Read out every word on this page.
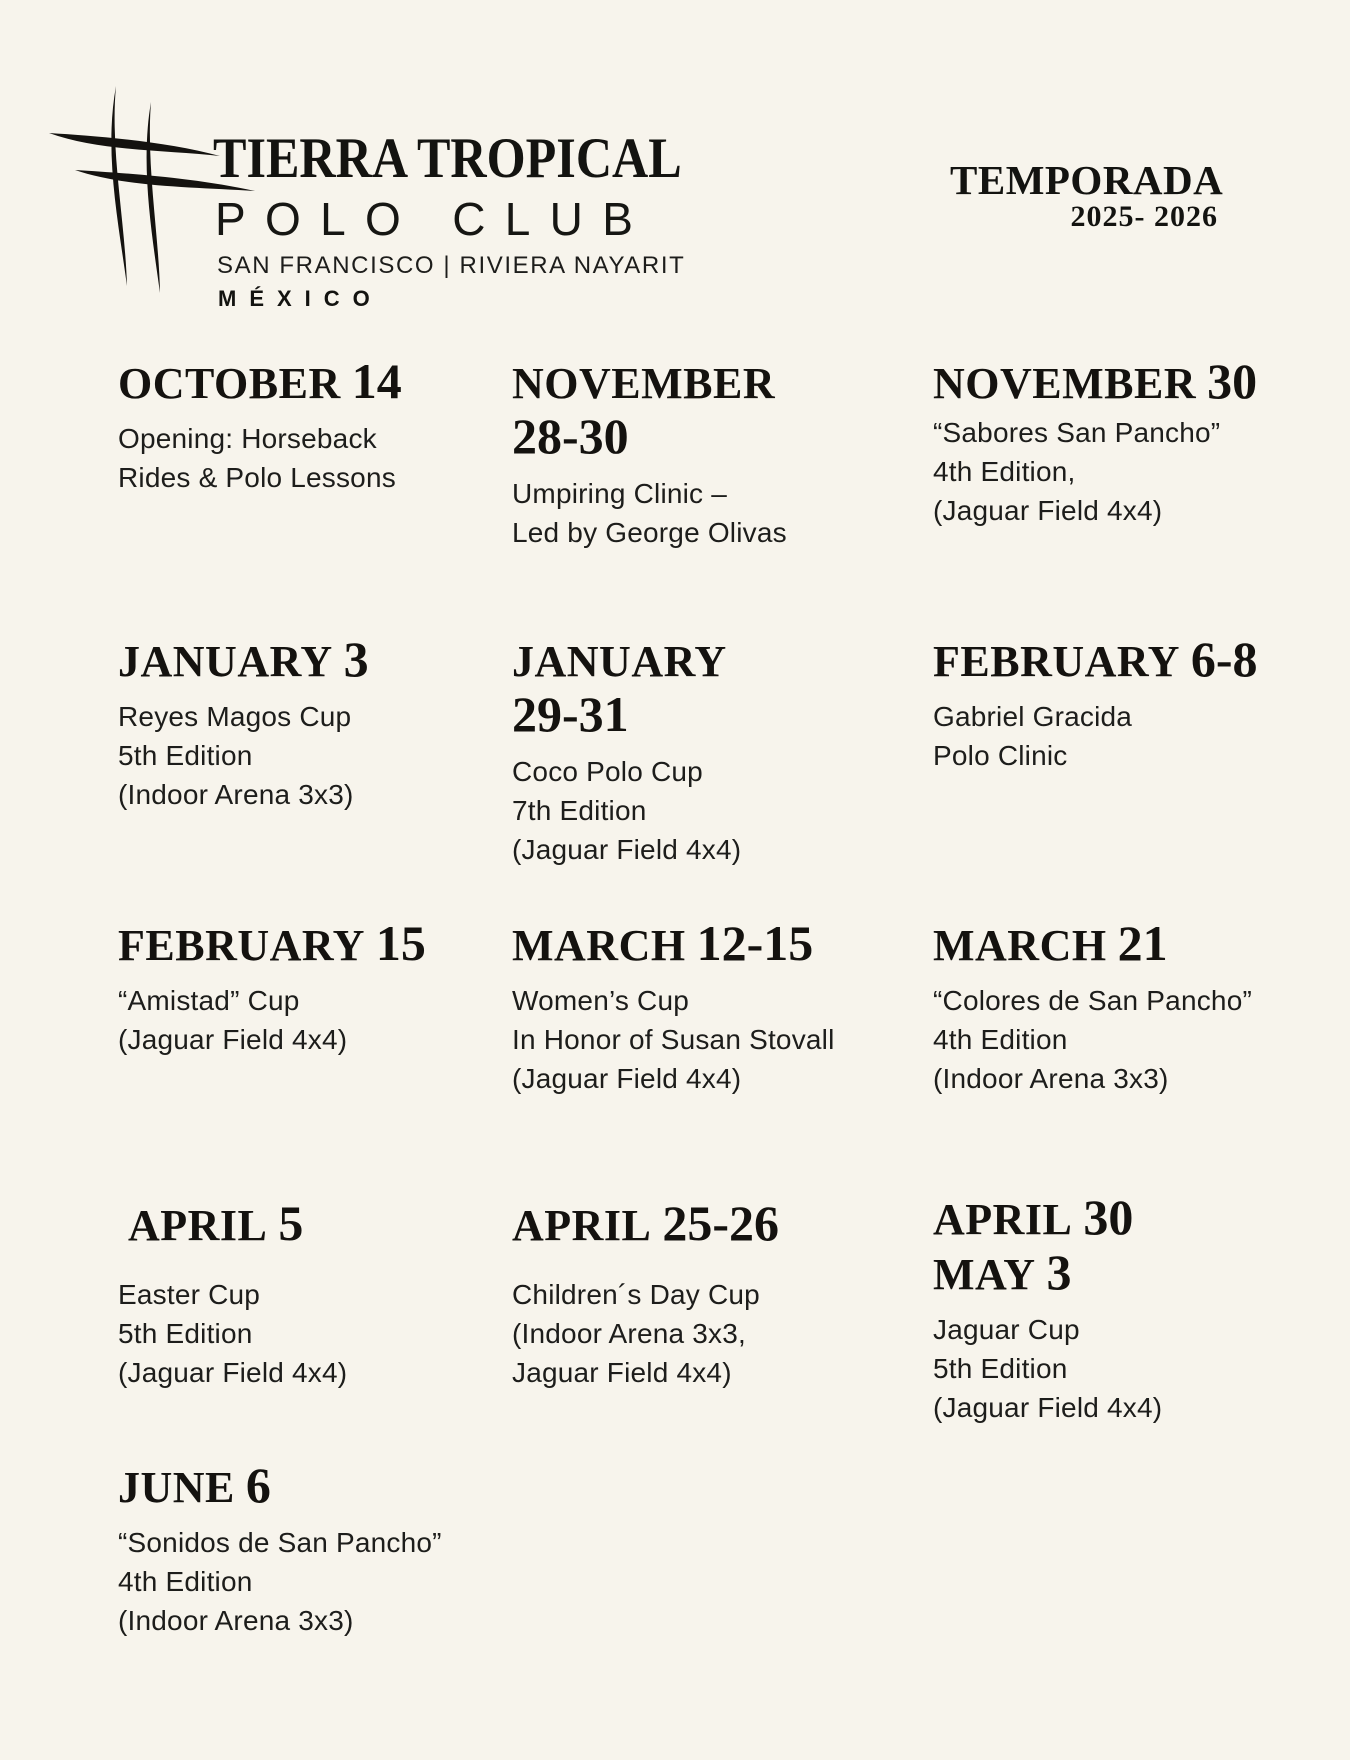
TIERRA TROPICAL
POLO CLUB
SAN FRANCISCO | RIVIERA NAYARIT
MÉXICO
TEMPORADA
2025- 2026
OCTOBER 14
Opening: Horseback
Rides & Polo Lessons
NOVEMBER
28-30
Umpiring Clinic –
Led by George Olivas
NOVEMBER 30
“Sabores San Pancho”
4th Edition,
(Jaguar Field 4x4)
JANUARY 3
Reyes Magos Cup
5th Edition
(Indoor Arena 3x3)
JANUARY
29-31
Coco Polo Cup
7th Edition
(Jaguar Field 4x4)
FEBRUARY 6-8
Gabriel Gracida
Polo Clinic
FEBRUARY 15
“Amistad” Cup
(Jaguar Field 4x4)
MARCH 12-15
Women’s Cup
In Honor of Susan Stovall
(Jaguar Field 4x4)
MARCH 21
“Colores de San Pancho”
4th Edition
(Indoor Arena 3x3)
APRIL 5
Easter Cup
5th Edition
(Jaguar Field 4x4)
APRIL 25-26
Children´s Day Cup
(Indoor Arena 3x3,
Jaguar Field 4x4)
APRIL 30
MAY 3
Jaguar Cup
5th Edition
(Jaguar Field 4x4)
JUNE 6
“Sonidos de San Pancho”
4th Edition
(Indoor Arena 3x3)
